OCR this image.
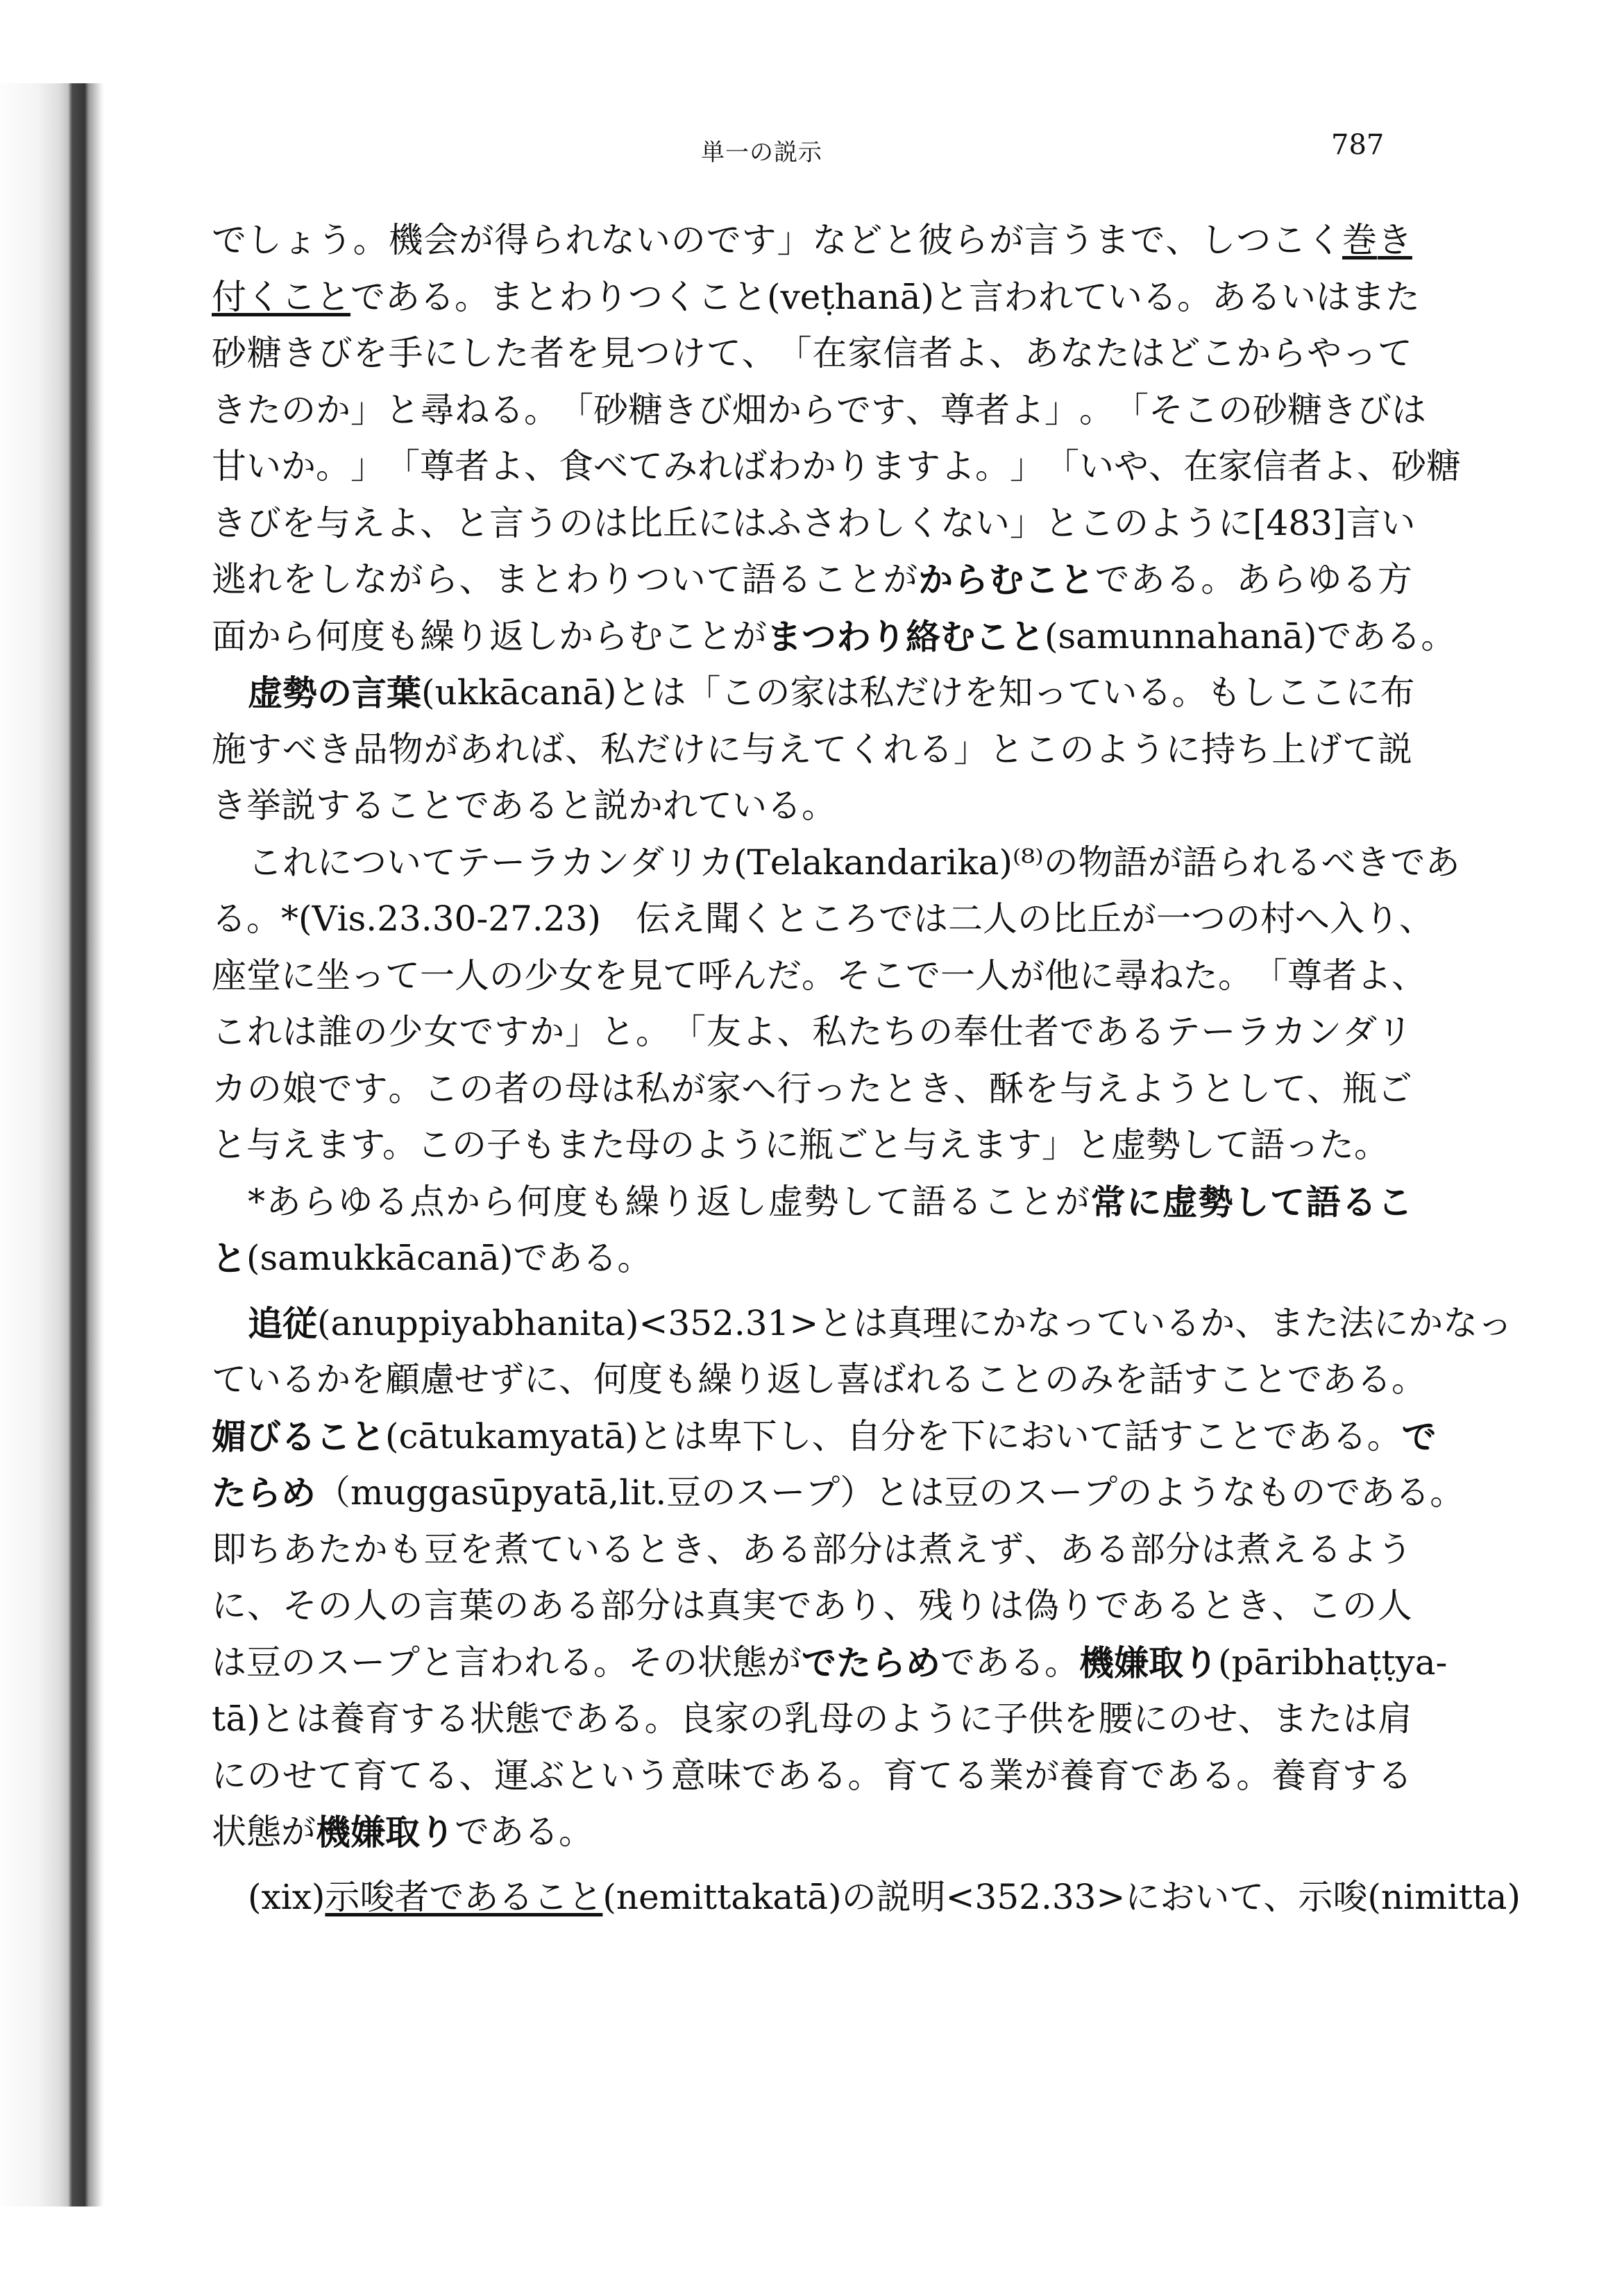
単一の説示	787
で し ょ う 。 機 会 が 得 ら れ な い の で す 」 な ど と 彼 ら が 言 う ま で 、 し つ こ く 巻 き
付 く こ と で あ る 。 ま と わ り つ く こ と ( v e ṭ h a n ā ) と 言 わ れ て い る 。 あ る い は ま た
砂 糖 き び を 手 に し た 者 を 見 つ け て 、 「 在 家 信 者 よ 、 あ な た は ど こ か ら や っ て
き た の か 」 と 尋 ね る 。 「 砂 糖 き び 畑 か ら で す 、 尊 者 よ 」 。 「 そ こ の 砂 糖 き び は
甘 い か 。 」 「 尊 者 よ 、 食 べ て み れ ば わ か り ま す よ 。 」 「 い や 、 在 家 信 者 よ 、 砂 糖
き び を 与 え よ 、 と 言 う の は 比 丘 に は ふ さ わ し く な い 」 と こ の よ う に [ 4 8 3 ] 言 い
逃 れ を し な が ら 、 ま と わ り つ い て 語 る こ と が か ら む こ と で あ る 。 あ ら ゆ る 方
面から何度も繰り返しからむことが まつわり絡むこと (samunnahanā)である。
虚 勢 の 言 葉 ( u k k ā c a n ā ) と は 「 こ の 家 は 私 だ け を 知 っ て い る 。 も し こ こ に 布
施 す べ き 品 物 が あ れ ば 、 私 だ け に 与 え て く れ る 」 と こ の よ う に 持 ち 上 げ て 説
き挙説することであると説かれている。
こ れ に つ い て テ ー ラ カ ン ダ リ カ ( T e l a k a n d a r i k a ) ⁽ ⁸ ⁾ の 物 語 が 語 ら れ る べ き で あ
る 。 * ( V i s . 2 3 . 3 0 - 2 7 . 2 3 )
　 伝 え 聞 く と こ ろ で は 二 人 の 比 丘 が 一 つ の 村 へ 入 り 、
座 堂 に 坐 っ て 一 人 の 少 女 を 見 て 呼 ん だ 。 そ こ で 一 人 が 他 に 尋 ね た 。 「 尊 者 よ 、
こ れ は 誰 の 少 女 で す か 」 と 。 「 友 よ 、 私 た ち の 奉 仕 者 で あ る テ ー ラ カ ン ダ リ
カ の 娘 で す 。 こ の 者 の 母 は 私 が 家 へ 行 っ た と き 、 酥 を 与 え よ う と し て 、 瓶 ご
と与えます。この子もまた母のように瓶ごと与えます」と虚勢して語った。
* あ ら ゆ る 点 か ら 何 度 も 繰 り 返 し 虚 勢 し て 語 る こ と が 常 に 虚 勢 し て 語 る こ
と (samukkācanā)である。
追 従 ( a n u p p i y a b h a n i t a ) < 3 5 2 . 3 1 > と は 真 理 に か な っ て い る か 、 ま た 法 に か な っ
て い る か を 顧 慮 せ ず に 、 何 度 も 繰 り 返 し 喜 ば れ る こ と の み を 話 す こ と で あ る 。
媚 び る こ と ( c ā t u k a m y a t ā ) と は 卑 下 し 、 自 分 を 下 に お い て 話 す こ と で あ る 。 で
た ら め （ m u g g a s ū p y a t ā , l i t . 豆 の ス ー プ ） と は 豆 の ス ー プ の よ う な も の で あ る 。
即 ち あ た か も 豆 を 煮 て い る と き 、 あ る 部 分 は 煮 え ず 、 あ る 部 分 は 煮 え る よ う
に 、 そ の 人 の 言 葉 の あ る 部 分 は 真 実 で あ り 、 残 り は 偽 り で あ る と き 、 こ の 人
は 豆 の ス ー プ と 言 わ れ る 。 そ の 状 態 が で た ら め で あ る 。 機 嫌 取 り ( p ā r i b h a ṭ ṭ y a -
t ā ) と は 養 育 す る 状 態 で あ る 。 良 家 の 乳 母 の よ う に 子 供 を 腰 に の せ 、 ま た は 肩
に の せ て 育 て る 、 運 ぶ と い う 意 味 で あ る 。 育 て る 業 が 養 育 で あ る 。 養 育 す る
状態が 機嫌取り である。
(xix) 示唆者であること (nemittakatā)の説明<352.33>において、示唆(nimitta)
